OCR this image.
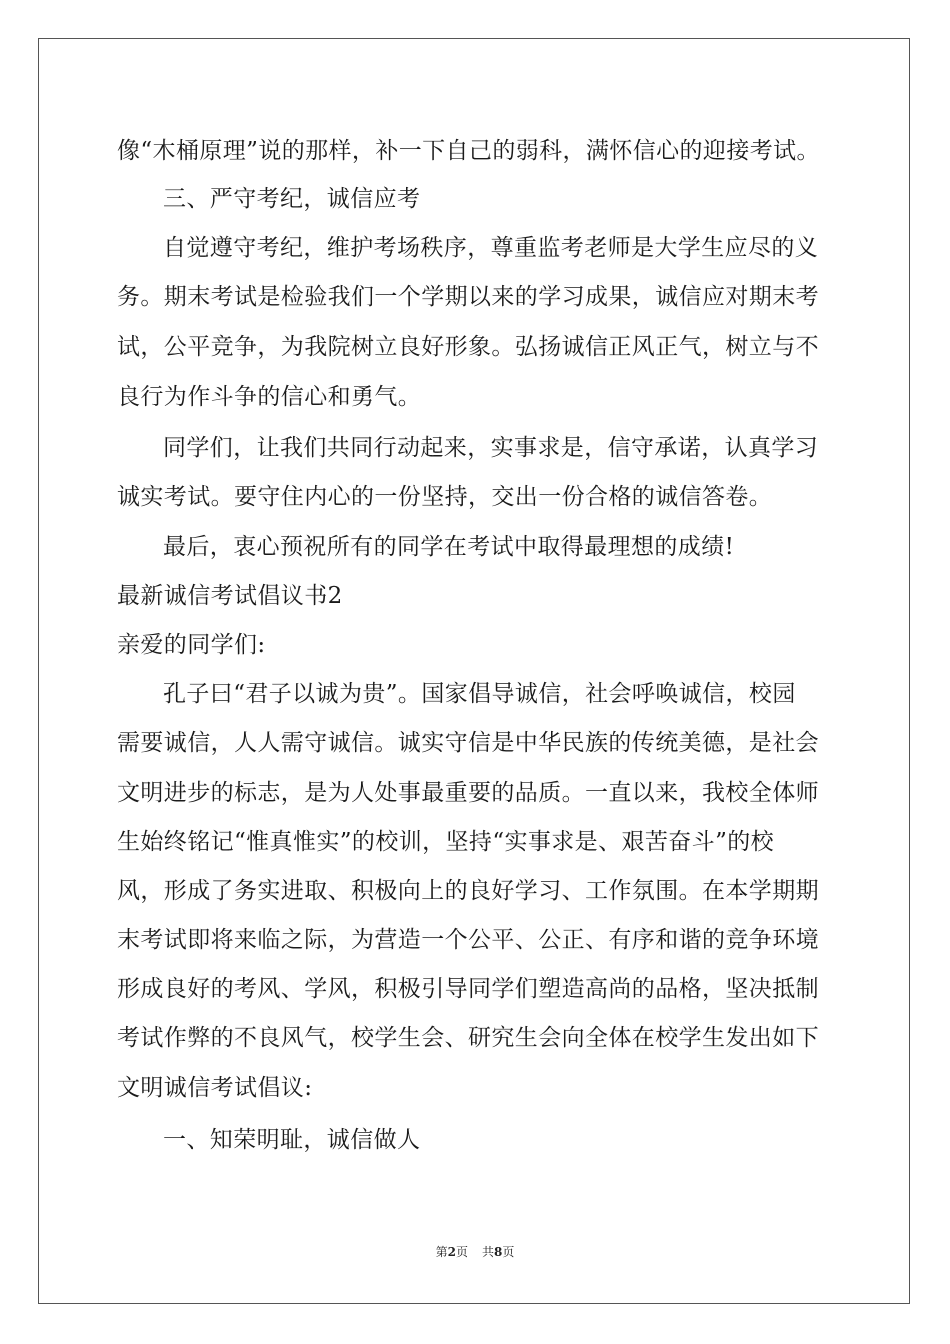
像“木桶原理”说的那样，补一下自己的弱科，满怀信心的迎接考试。
三、严守考纪，诚信应考
自觉遵守考纪，维护考场秩序，尊重监考老师是大学生应尽的义
务。期末考试是检验我们一个学期以来的学习成果，诚信应对期末考
试，公平竞争，为我院树立良好形象。弘扬诚信正风正气，树立与不
良行为作斗争的信心和勇气。
同学们，让我们共同行动起来，实事求是，信守承诺，认真学习
诚实考试。要守住内心的一份坚持，交出一份合格的诚信答卷。
最后，衷心预祝所有的同学在考试中取得最理想的成绩!
最新诚信考试倡议书2
亲爱的同学们:
孔子曰“君子以诚为贵”。国家倡导诚信，社会呼唤诚信，校园
需要诚信，人人需守诚信。诚实守信是中华民族的传统美德，是社会
文明进步的标志，是为人处事最重要的品质。一直以来，我校全体师
生始终铭记“惟真惟实”的校训，坚持“实事求是、艰苦奋斗”的校
风，形成了务实进取、积极向上的良好学习、工作氛围。在本学期期
末考试即将来临之际，为营造一个公平、公正、有序和谐的竞争环境
形成良好的考风、学风，积极引导同学们塑造高尚的品格，坚决抵制
考试作弊的不良风气，校学生会、研究生会向全体在校学生发出如下
文明诚信考试倡议:
一、知荣明耻，诚信做人
第2页 共8页
